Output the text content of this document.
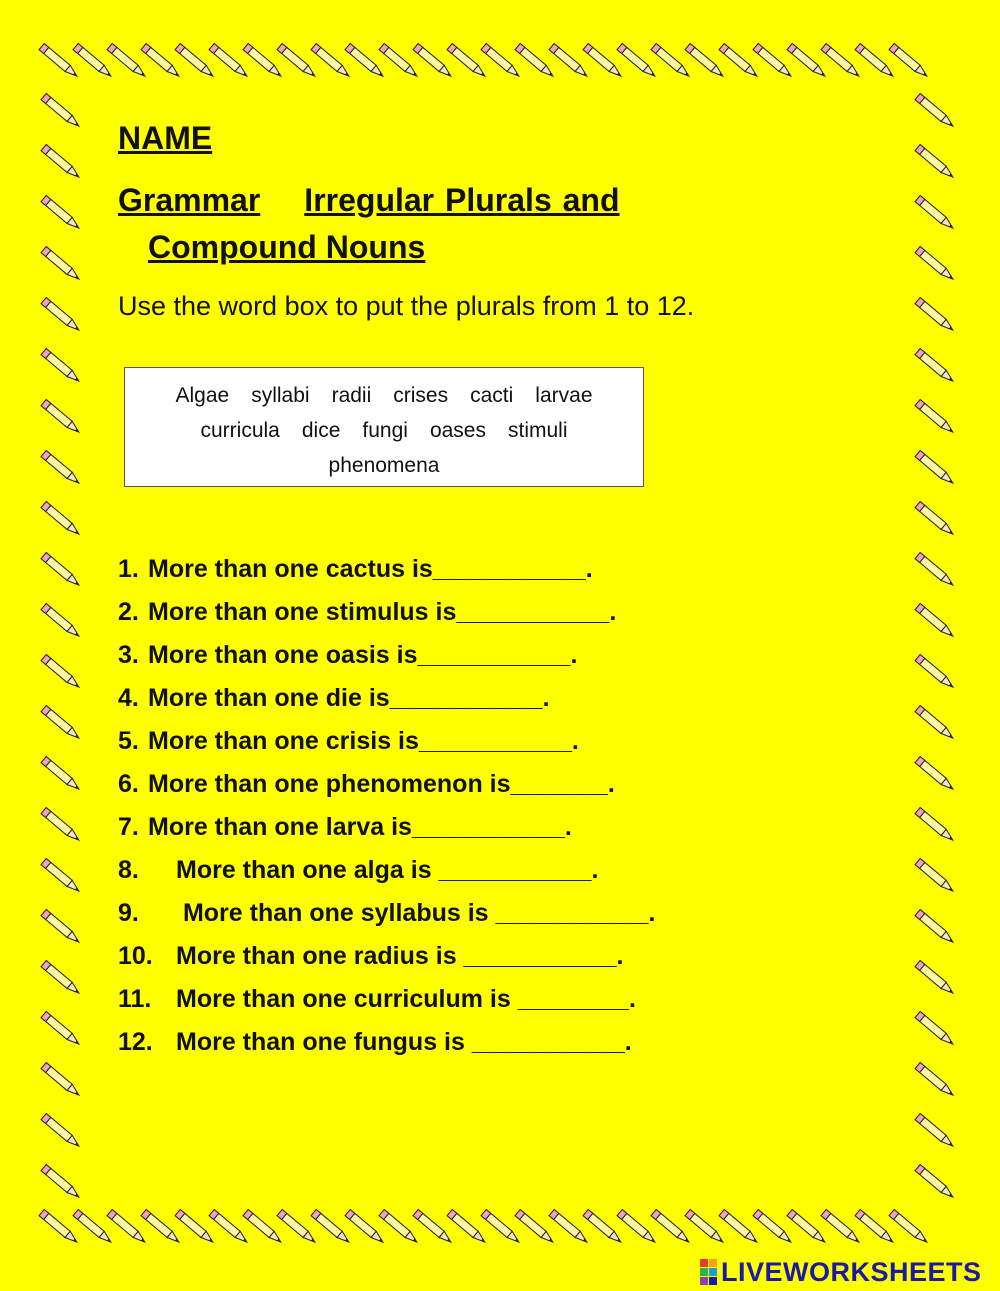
NAME
Grammar Irregular Plurals and
Compound Nouns
Use the word box to put the plurals from 1 to 12.
Algae syllabi radii crises cacti larvae
curricula dice fungi oases stimuli
phenomena
1. More than one cactus is___________.
2. More than one stimulus is___________.
3. More than one oasis is___________.
4. More than one die is___________.
5. More than one crisis is___________.
6. More than one phenomenon is_______.
7. More than one larva is___________.
8. More than one alga is ___________.
9. More than one syllabus is ___________.
10. More than one radius is ___________.
11. More than one curriculum is ________.
12. More than one fungus is ___________.
LIVEWORKSHEETS
